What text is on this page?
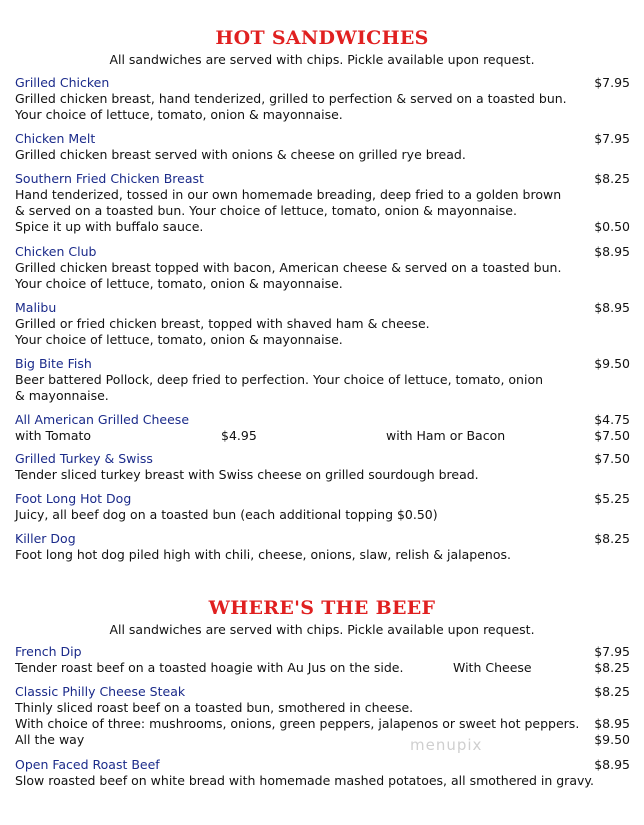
HOT SANDWICHES
All sandwiches are served with chips. Pickle available upon request.
Grilled Chicken	$7.95
Grilled chicken breast, hand tenderized, grilled to perfection & served on a toasted bun.
Your choice of lettuce, tomato, onion & mayonnaise.
Chicken Melt	$7.95
Grilled chicken breast served with onions & cheese on grilled rye bread.
Southern Fried Chicken Breast	$8.25
Hand tenderized, tossed in our own homemade breading, deep fried to a golden brown
& served on a toasted bun. Your choice of lettuce, tomato, onion & mayonnaise.
Spice it up with buffalo sauce.	$0.50
Chicken Club	$8.95
Grilled chicken breast topped with bacon, American cheese & served on a toasted bun.
Your choice of lettuce, tomato, onion & mayonnaise.
Malibu	$8.95
Grilled or fried chicken breast, topped with shaved ham & cheese.
Your choice of lettuce, tomato, onion & mayonnaise.
Big Bite Fish	$9.50
Beer battered Pollock, deep fried to perfection. Your choice of lettuce, tomato, onion
& mayonnaise.
All American Grilled Cheese	$4.75
with Tomato	$4.95	with Ham or Bacon	$7.50
Grilled Turkey & Swiss	$7.50
Tender sliced turkey breast with Swiss cheese on grilled sourdough bread.
Foot Long Hot Dog	$5.25
Juicy, all beef dog on a toasted bun (each additional topping $0.50)
Killer Dog	$8.25
Foot long hot dog piled high with chili, cheese, onions, slaw, relish & jalapenos.
WHERE'S THE BEEF
All sandwiches are served with chips. Pickle available upon request.
French Dip	$7.95
Tender roast beef on a toasted hoagie with Au Jus on the side.	With Cheese	$8.25
Classic Philly Cheese Steak	$8.25
Thinly sliced roast beef on a toasted bun, smothered in cheese.
With choice of three: mushrooms, onions, green peppers, jalapenos or sweet hot peppers. $8.95
All the way	$9.50
menupix
Open Faced Roast Beef	$8.95
Slow roasted beef on white bread with homemade mashed potatoes, all smothered in gravy.
